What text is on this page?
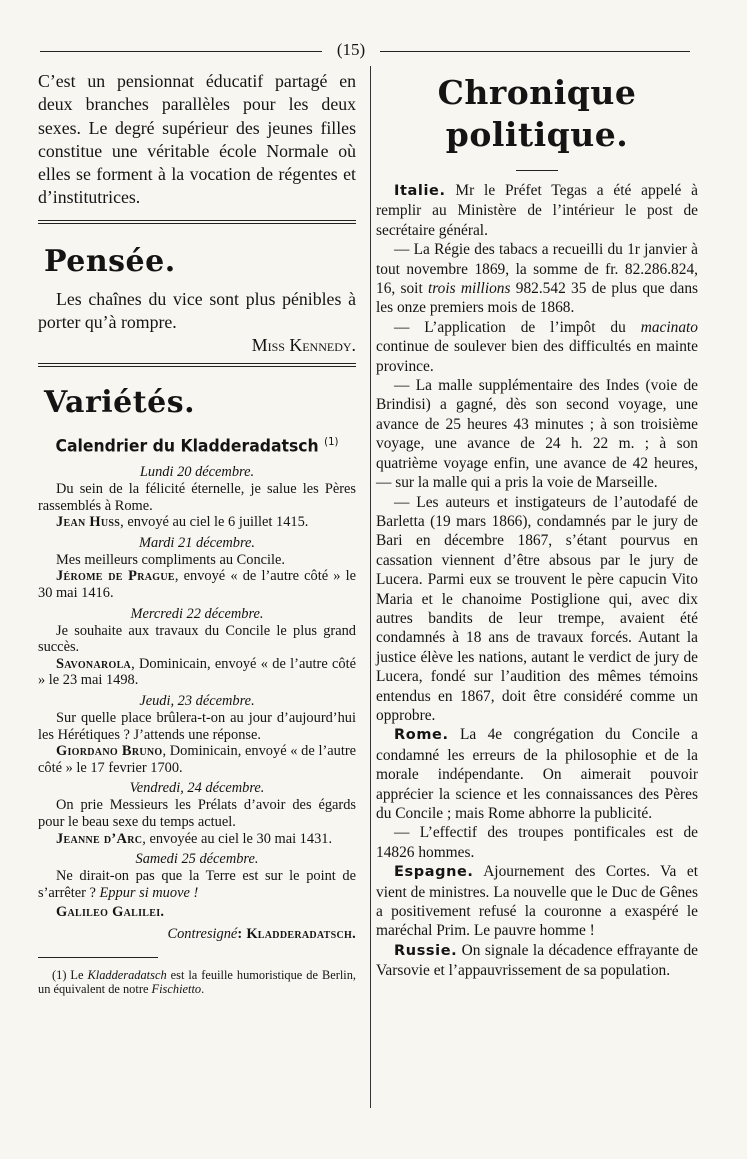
(15)

C’est un pensionnat éducatif partagé en deux branches parallèles pour les deux sexes. Le degré supérieur des jeunes filles constitue une véritable école Normale où elles se forment à la vocation de régentes et d’institutrices.

Pensée.

Les chaînes du vice sont plus pénibles à porter qu’à rompre.

Miss Kennedy.

Variétés.
Calendrier du Kladderadatsch $^{(1)}$

Lundi 20 décembre.

Du sein de la félicité éternelle, je salue les Pères rassemblés à Rome.

Jean Huss, envoyé au ciel le 6 juillet 1415.

Mardi 21 décembre.

Mes meilleurs compliments au Concile.

Jérome de Prague, envoyé « de l’autre côté » le 30 mai 1416.

Mercredi 22 décembre.

Je souhaite aux travaux du Concile le plus grand succès.

Savonarola, Dominicain, envoyé « de l’autre côté » le 23 mai 1498.

Jeudi, 23 décembre.

Sur quelle place brûlera-t-on au jour d’aujourd’hui les Hérétiques ? J’attends une réponse.

Giordano Bruno, Dominicain, envoyé « de l’autre côté » le 17 fevrier 1700.

Vendredi, 24 décembre.

On prie Messieurs les Prélats d’avoir des égards pour le beau sexe du temps actuel.

Jeanne d’Arc, envoyée au ciel le 30 mai 1431.

Samedi 25 décembre.

Ne dirait-on pas que la Terre est sur le point de s’arrêter ? Eppur si muove !

Galileo Galilei.

Contresigné: Kladderadatsch.

(1) Le Kladderadatsch est la feuille humoristique de Berlin, un équivalent de notre Fischietto.

Chronique politique.

Italie. Mr le Préfet Tegas a été appelé à remplir au Ministère de l’intérieur le post de secrétaire général.

— La Régie des tabacs a recueilli du 1r janvier à tout novembre 1869, la somme de fr. 82.286.824, 16, soit trois millions 982.542 35 de plus que dans les onze premiers mois de 1868.

— L’application de l’impôt du macinato continue de soulever bien des difficultés en mainte province.

— La malle supplémentaire des Indes (voie de Brindisi) a gagné, dès son second voyage, une avance de 25 heures 43 minutes ; à son troisième voyage, une avance de 24 h. 22 m. ; à son quatrième voyage enfin, une avance de 42 heures, — sur la malle qui a pris la voie de Marseille.

— Les auteurs et instigateurs de l’autodafé de Barletta (19 mars 1866), condamnés par le jury de Bari en décembre 1867, s’étant pourvus en cassation viennent d’être absous par le jury de Lucera. Parmi eux se trouvent le père capucin Vito Maria et le chanoime Postiglione qui, avec dix autres bandits de leur trempe, avaient été condamnés à 18 ans de travaux forcés. Autant la justice élève les nations, autant le verdict de jury de Lucera, fondé sur l’audition des mêmes témoins entendus en 1867, doit être considéré comme un opprobre.

Rome. La 4e congrégation du Concile a condamné les erreurs de la philosophie et de la morale indépendante. On aimerait pouvoir apprécier la science et les connaissances des Pères du Concile ; mais Rome abhorre la publicité.

— L’effectif des troupes pontificales est de 14826 hommes.

Espagne. Ajournement des Cortes. Va et vient de ministres. La nouvelle que le Duc de Gênes a positivement refusé la couronne a exaspéré le maréchal Prim. Le pauvre homme !

Russie. On signale la décadence effrayante de Varsovie et l’appauvrissement de sa population.
